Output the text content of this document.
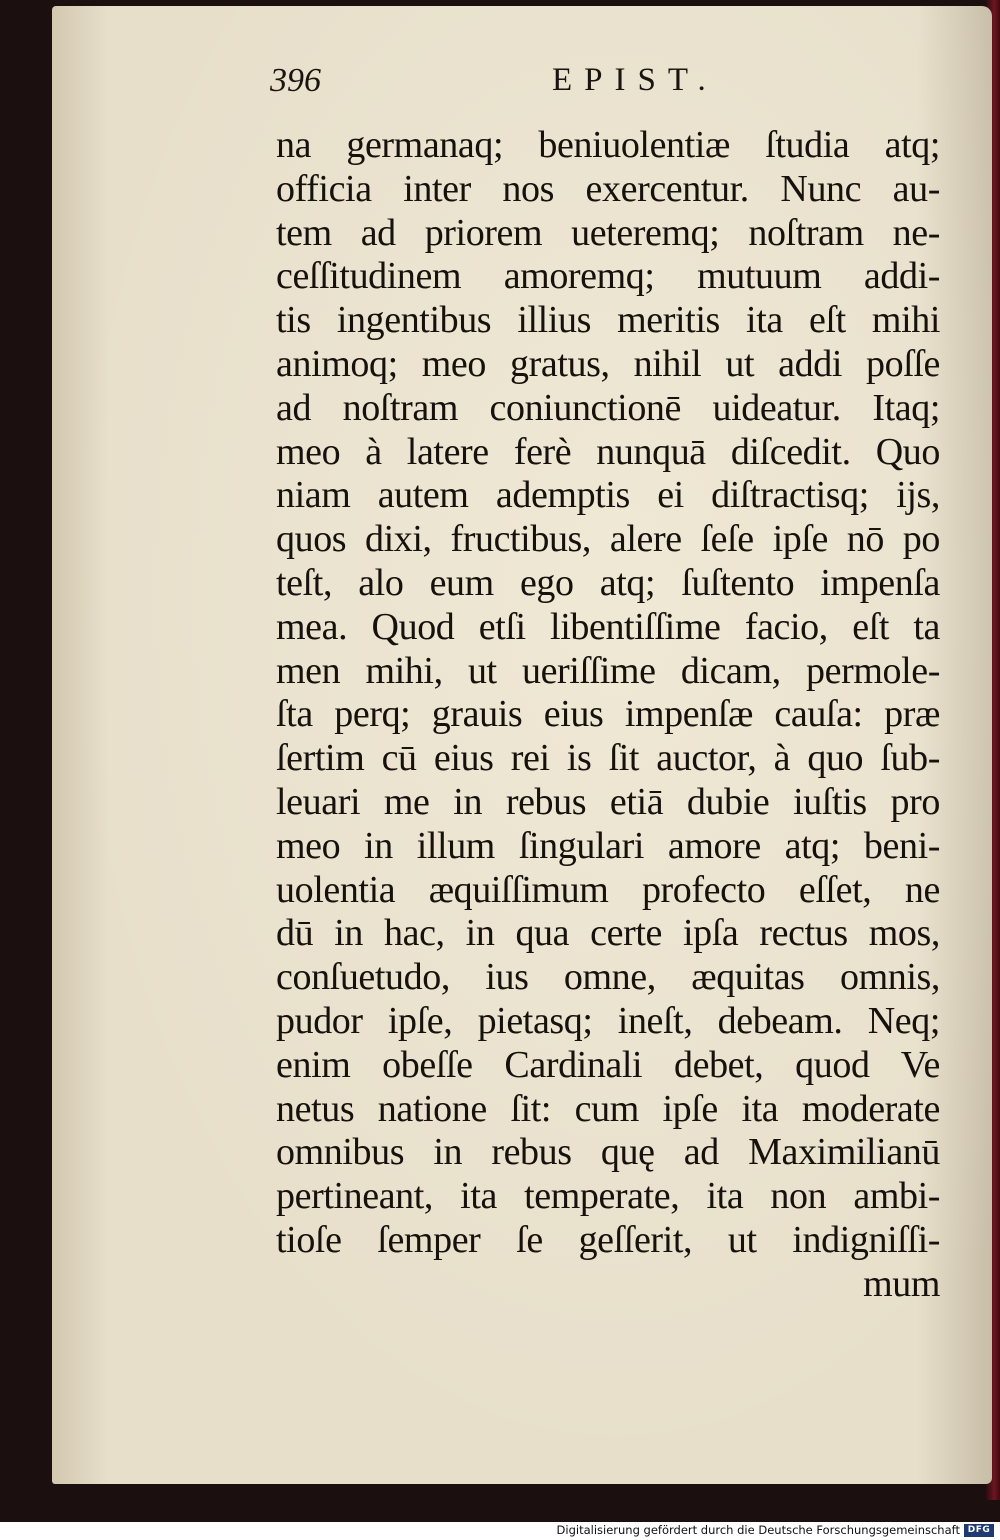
396	EPIST.
na germanaq; beniuolentiæ ſtudia atq;
officia inter nos exercentur. Nunc au-
tem ad priorem ueteremq; noſtram ne-
ceſſitudinem amoremq; mutuum addi-
tis ingentibus illius meritis ita eſt mihi
animoq; meo gratus, nihil ut addi poſſe
ad noſtram coniunctionē uideatur. Itaq;
meo à latere ferè nunquā diſcedit. Quo
niam autem ademptis ei diſtractisq; ijs,
quos dixi, fructibus, alere ſeſe ipſe nō po
teſt, alo eum ego atq; ſuſtento impenſa
mea. Quod etſi libentiſſime facio, eſt ta
men mihi, ut ueriſſime dicam, permole-
ſta perq; grauis eius impenſæ cauſa: præ
ſertim cū eius rei is ſit auctor, à quo ſub-
leuari me in rebus etiā dubie iuſtis pro
meo in illum ſingulari amore atq; beni-
uolentia æquiſſimum profecto eſſet, ne
dū in hac, in qua certe ipſa rectus mos,
conſuetudo, ius omne, æquitas omnis,
pudor ipſe, pietasq; ineſt, debeam. Neq;
enim obeſſe Cardinali debet, quod Ve
netus natione ſit: cum ipſe ita moderate
omnibus in rebus quę ad Maximilianū
pertineant, ita temperate, ita non ambi-
tioſe ſemper ſe geſſerit, ut indigniſſi-
mum
Digitalisierung gefördert durch die Deutsche Forschungsgemeinschaft DFG
